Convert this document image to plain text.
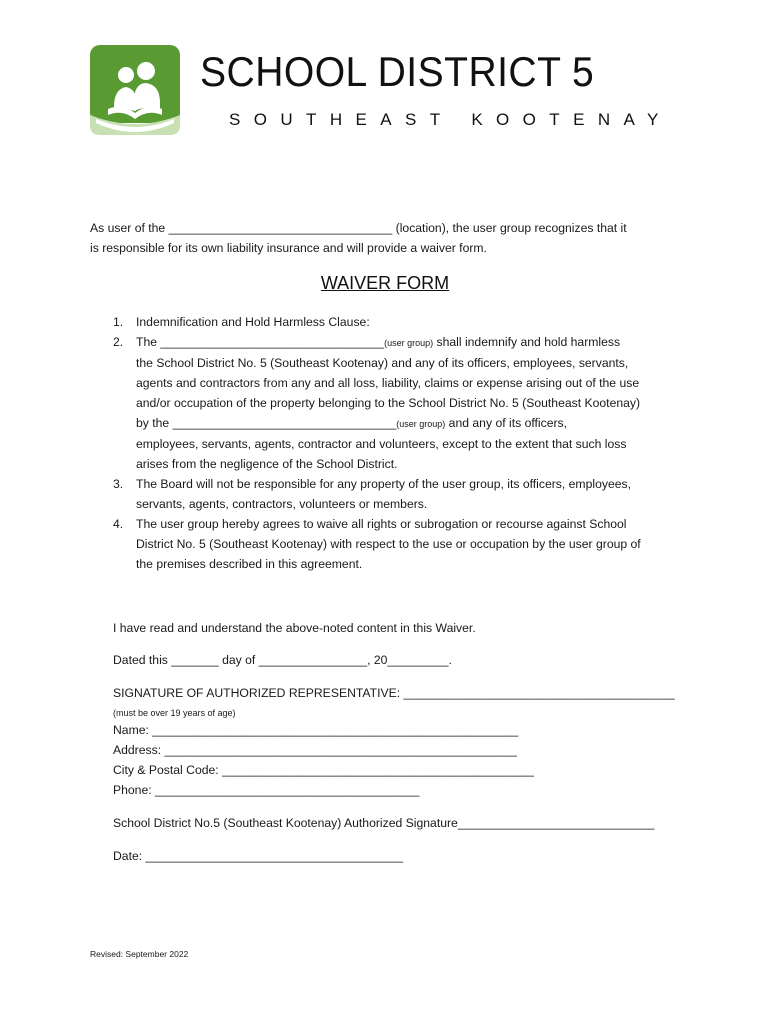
SCHOOL DISTRICT 5
SOUTHEAST KOOTENAY
As user of the _________________________________ (location), the user group recognizes that it
is responsible for its own liability insurance and will provide a waiver form.
WAIVER FORM
1. Indemnification and Hold Harmless Clause:
2. The _________________________________(user group) shall indemnify and hold harmless
the School District No. 5 (Southeast Kootenay) and any of its officers, employees, servants,
agents and contractors from any and all loss, liability, claims or expense arising out of the use
and/or occupation of the property belonging to the School District No. 5 (Southeast Kootenay)
by the _________________________________(user group) and any of its officers,
employees, servants, agents, contractor and volunteers, except to the extent that such loss
arises from the negligence of the School District.
3. The Board will not be responsible for any property of the user group, its officers, employees,
servants, agents, contractors, volunteers or members.
4. The user group hereby agrees to waive all rights or subrogation or recourse against School
District No. 5 (Southeast Kootenay) with respect to the use or occupation by the user group of
the premises described in this agreement.
I have read and understand the above-noted content in this Waiver.
Dated this _______ day of ________________, 20_________.
SIGNATURE OF AUTHORIZED REPRESENTATIVE: ________________________________________
(must be over 19 years of age)
Name: ______________________________________________________
Address: ____________________________________________________
City & Postal Code: ______________________________________________
Phone: _______________________________________
School District No.5 (Southeast Kootenay) Authorized Signature_____________________________
Date: ______________________________________
Revised: September 2022
